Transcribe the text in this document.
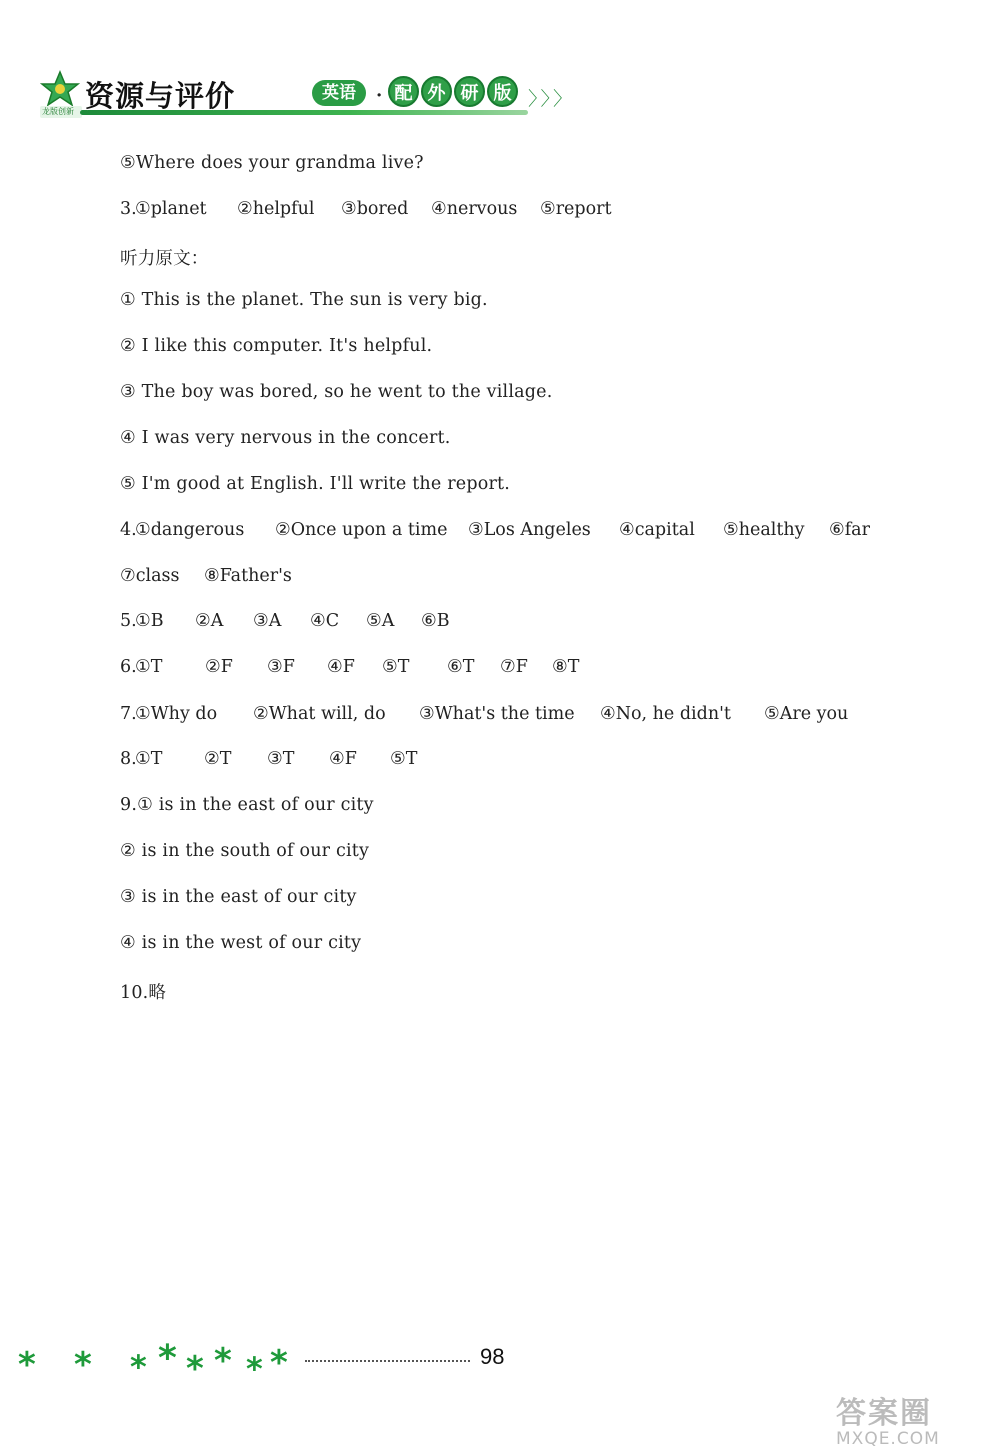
龙版创新 资源与评价	英语	· 配 外 研 版 〉〉〉
⑤Where does your grandma live?
3.
①planet ②helpful ③bored ④nervous ⑤report
听力原文：
① This is the planet. The sun is very big.
② I like this computer. It's helpful.
③ The boy was bored, so he went to the village.
④ I was very nervous in the concert.
⑤ I'm good at English. I'll write the report.
4.
①dangerous ②Once upon a time ③Los Angeles ④capital ⑤healthy ⑥far
⑦class ⑧Father's
5.
①B ②A ③A ④C ⑤A ⑥B
6.
①T ②F ③F ④F ⑤T ⑥T ⑦F ⑧T
7.
①Why do ②What will, do ③What's the time ④No, he didn't ⑤Are you
8.
①T ②T ③T ④F ⑤T
9.① is in the east of our city
② is in the south of our city
③ is in the east of our city
④ is in the west of our city
10.略
* * * * * * * *	98
答案圈
MXQE.COM
